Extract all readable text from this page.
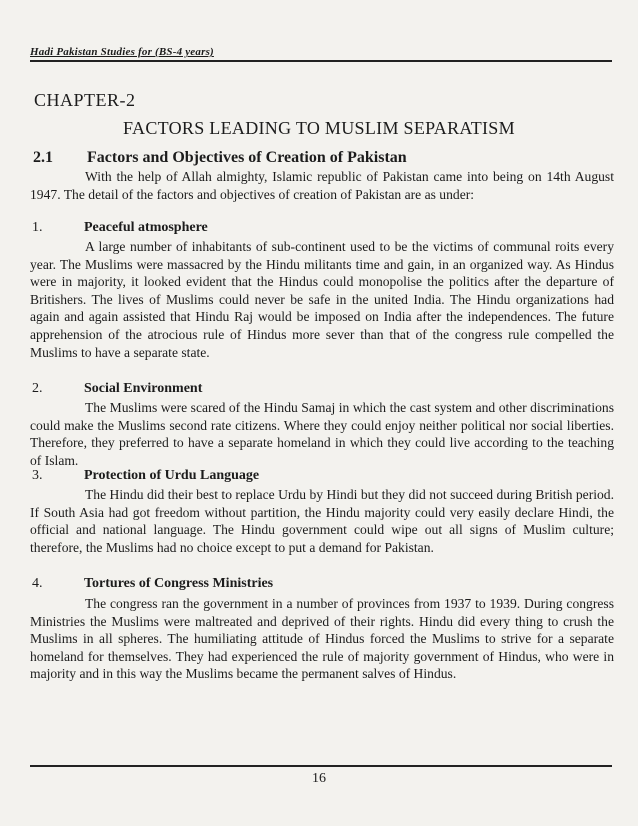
Hadi Pakistan Studies for (BS-4 years)
CHAPTER-2
FACTORS LEADING TO MUSLIM SEPARATISM
2.1 Factors and Objectives of Creation of Pakistan

With the help of Allah almighty, Islamic republic of Pakistan came into being on 14th August 1947. The detail of the factors and objectives of creation of Pakistan are as under:

1.	Peaceful atmosphere

A large number of inhabitants of sub-continent used to be the victims of communal roits every year. The Muslims were massacred by the Hindu militants time and gain, in an organized way. As Hindus were in majority, it looked evident that the Hindus could monopolise the politics after the departure of Britishers. The lives of Muslims could never be safe in the united India. The Hindu organizations had again and again assisted that Hindu Raj would be imposed on India after the independences. The future apprehension of the atrocious rule of Hindus more sever than that of the congress rule compelled the Muslims to have a separate state.

2.	Social Environment

The Muslims were scared of the Hindu Samaj in which the cast system and other discriminations could make the Muslims second rate citizens. Where they could enjoy neither political nor social liberties. Therefore, they preferred to have a separate homeland in which they could live according to the teaching of Islam.

3.	Protection of Urdu Language

The Hindu did their best to replace Urdu by Hindi but they did not succeed during British period. If South Asia had got freedom without partition, the Hindu majority could very easily declare Hindi, the official and national language. The Hindu government could wipe out all signs of Muslim culture; therefore, the Muslims had no choice except to put a demand for Pakistan.

4.	Tortures of Congress Ministries

The congress ran the government in a number of provinces from 1937 to 1939. During congress Ministries the Muslims were maltreated and deprived of their rights. Hindu did every thing to crush the Muslims in all spheres. The humiliating attitude of Hindus forced the Muslims to strive for a separate homeland for themselves. They had experienced the rule of majority government of Hindus, who were in majority and in this way the Muslims became the permanent salves of Hindus.

16
